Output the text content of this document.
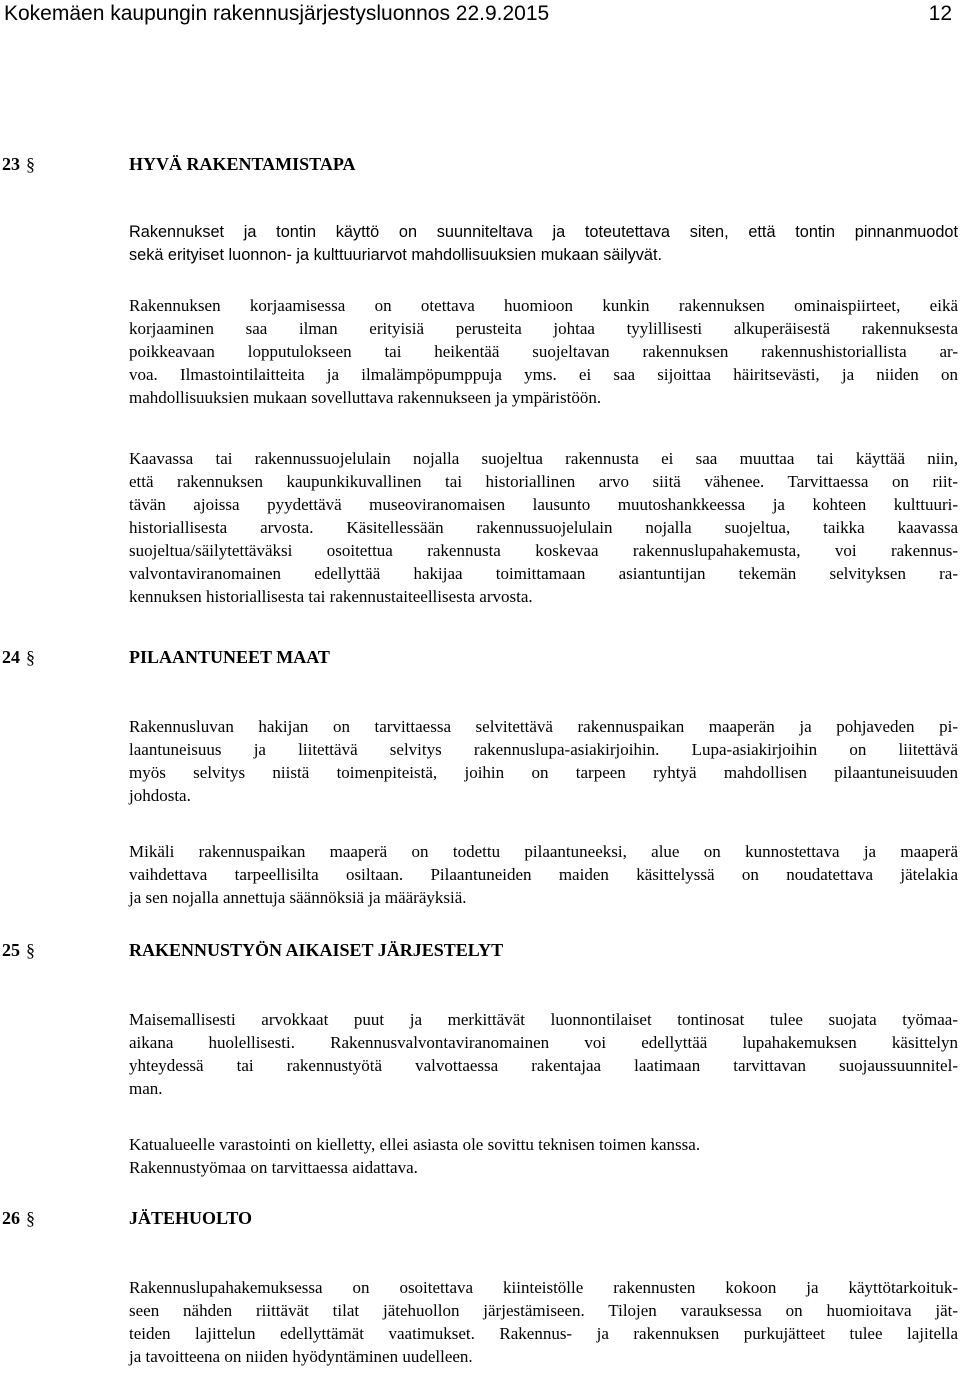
Kokemäen kaupungin rakennusjärjestysluonnos 22.9.2015	12
23 §	HYVÄ RAKENTAMISTAPA
Rakennukset ja tontin käyttö on suunniteltava ja toteutettava siten, että tontin pinnanmuodot
sekä erityiset luonnon- ja kulttuuriarvot mahdollisuuksien mukaan säilyvät.
Rakennuksen korjaamisessa on otettava huomioon kunkin rakennuksen ominaispiirteet, eikä
korjaaminen saa ilman erityisiä perusteita johtaa tyylillisesti alkuperäisestä rakennuksesta
poikkeavaan lopputulokseen tai heikentää suojeltavan rakennuksen rakennushistoriallista ar-
voa. Ilmastointilaitteita ja ilmalämpöpumppuja yms. ei saa sijoittaa häiritsevästi, ja niiden on
mahdollisuuksien mukaan sovelluttava rakennukseen ja ympäristöön.
Kaavassa tai rakennussuojelulain nojalla suojeltua rakennusta ei saa muuttaa tai käyttää niin,
että rakennuksen kaupunkikuvallinen tai historiallinen arvo siitä vähenee. Tarvittaessa on riit-
tävän ajoissa pyydettävä museoviranomaisen lausunto muutoshankkeessa ja kohteen kulttuuri-
historiallisesta arvosta. Käsitellessään rakennussuojelulain nojalla suojeltua, taikka kaavassa
suojeltua/säilytettäväksi osoitettua rakennusta koskevaa rakennuslupahakemusta, voi rakennus-
valvontaviranomainen edellyttää hakijaa toimittamaan asiantuntijan tekemän selvityksen ra-
kennuksen historiallisesta tai rakennustaiteellisesta arvosta.
24 §	PILAANTUNEET MAAT
Rakennusluvan hakijan on tarvittaessa selvitettävä rakennuspaikan maaperän ja pohjaveden pi-
laantuneisuus ja liitettävä selvitys rakennuslupa-asiakirjoihin. Lupa-asiakirjoihin on liitettävä
myös selvitys niistä toimenpiteistä, joihin on tarpeen ryhtyä mahdollisen pilaantuneisuuden
johdosta.
Mikäli rakennuspaikan maaperä on todettu pilaantuneeksi, alue on kunnostettava ja maaperä
vaihdettava tarpeellisilta osiltaan. Pilaantuneiden maiden käsittelyssä on noudatettava jätelakia
ja sen nojalla annettuja säännöksiä ja määräyksiä.
25 §	RAKENNUSTYÖN AIKAISET JÄRJESTELYT
Maisemallisesti arvokkaat puut ja merkittävät luonnontilaiset tontinosat tulee suojata työmaa-
aikana huolellisesti. Rakennusvalvontaviranomainen voi edellyttää lupahakemuksen käsittelyn
yhteydessä tai rakennustyötä valvottaessa rakentajaa laatimaan tarvittavan suojaussuunnitel-
man.
Katualueelle varastointi on kielletty, ellei asiasta ole sovittu teknisen toimen kanssa.
Rakennustyömaa on tarvittaessa aidattava.
26 §	JÄTEHUOLTO
Rakennuslupahakemuksessa on osoitettava kiinteistölle rakennusten kokoon ja käyttötarkoituk-
seen nähden riittävät tilat jätehuollon järjestämiseen. Tilojen varauksessa on huomioitava jät-
teiden lajittelun edellyttämät vaatimukset. Rakennus- ja rakennuksen purkujätteet tulee lajitella
ja tavoitteena on niiden hyödyntäminen uudelleen.
